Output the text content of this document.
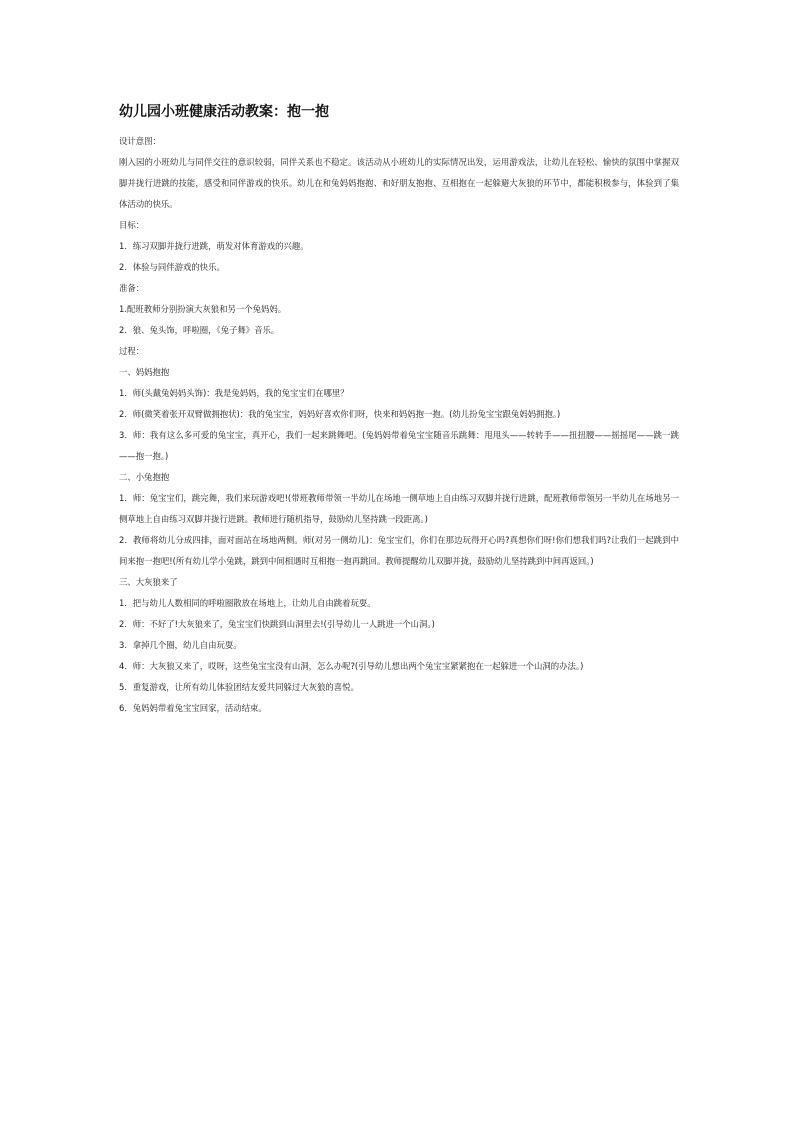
幼儿园小班健康活动教案：抱一抱

设计意图：

刚入园的小班幼儿与同伴交往的意识较弱，同伴关系也不稳定。该活动从小班幼儿的实际情况出发，运用游戏法，让幼儿在轻松、愉快的氛围中掌握双脚并拢行进跳的技能，感受和同伴游戏的快乐。幼儿在和兔妈妈抱抱、和好朋友抱抱、互相抱在一起躲避大灰狼的环节中，都能积极参与，体验到了集体活动的快乐。

目标：

1．练习双脚并拢行进跳，萌发对体育游戏的兴趣。

2．体验与同伴游戏的快乐。

准备：

1.配班教师分别扮演大灰狼和另一个兔妈妈。

2．狼、兔头饰，呼啦圈，《兔子舞》音乐。

过程：

一、妈妈抱抱

1．师(头戴兔妈妈头饰)：我是兔妈妈，我的兔宝宝们在哪里？

2．师(微笑着张开双臂做拥抱状)：我的兔宝宝，妈妈好喜欢你们呀，快来和妈妈抱一抱。(幼儿扮兔宝宝跟兔妈妈拥抱。)

3．师：我有这么多可爱的兔宝宝，真开心，我们一起来跳舞吧。(兔妈妈带着兔宝宝随音乐跳舞：甩甩头——转转手——扭扭腰——摇摇尾——跳一跳——抱一抱。)

二、小兔抱抱

1．师：兔宝宝们，跳完舞，我们来玩游戏吧!(带班教师带领一半幼儿在场地一侧草地上自由练习双脚并拢行进跳，配班教师带领另一半幼儿在场地另一侧草地上自由练习双脚并拢行进跳。教师进行随机指导，鼓励幼儿坚持跳一段距离。)

2．教师将幼儿分成四排，面对面站在场地两侧。师(对另一侧幼儿)：兔宝宝们，你们在那边玩得开心吗?真想你们呀!你们想我们吗?让我们一起跳到中间来抱一抱吧!(所有幼儿学小兔跳，跳到中间相遇时互相抱一抱再跳回。教师提醒幼儿双脚并拢，鼓励幼儿坚持跳到中间再返回。)

三、大灰狼来了

1．把与幼儿人数相同的呼啦圈散放在场地上，让幼儿自由跳着玩耍。

2．师：不好了!大灰狼来了，兔宝宝们快跳到山洞里去!(引导幼儿一人跳进一个山洞。)

3．拿掉几个圈，幼儿自由玩耍。

4．师：大灰狼又来了，哎呀，这些兔宝宝没有山洞，怎么办呢?(引导幼儿想出两个兔宝宝紧紧抱在一起躲进一个山洞的办法。)

5．重复游戏，让所有幼儿体验团结友爱共同躲过大灰狼的喜悦。

6．兔妈妈带着兔宝宝回家，活动结束。
